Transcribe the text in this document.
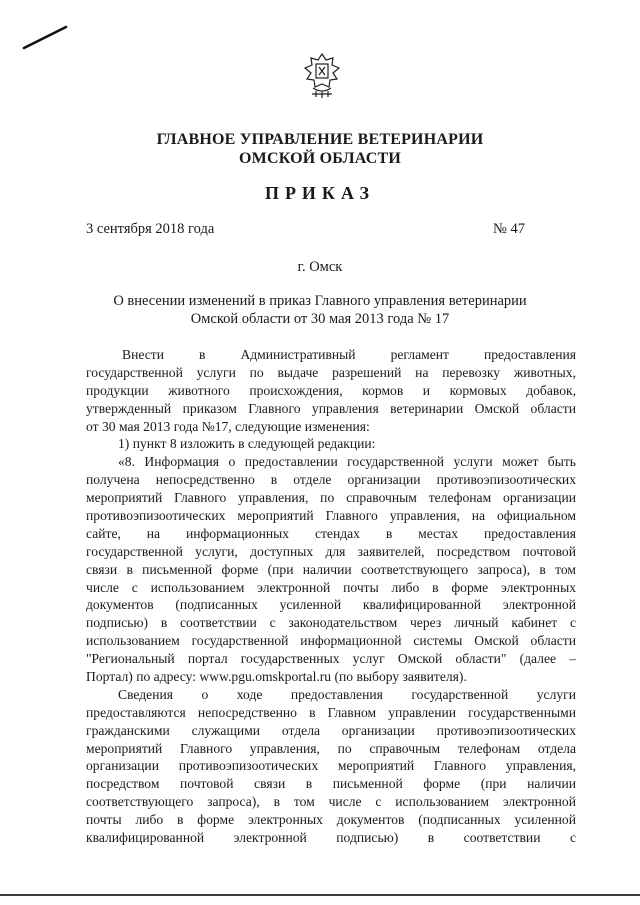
ГЛАВНОЕ УПРАВЛЕНИЕ ВЕТЕРИНАРИИ
ОМСКОЙ ОБЛАСТИ
ПРИКАЗ
3 сентября 2018 года	№ 47
г. Омск
О внесении изменений в приказ Главного управления ветеринарии
Омской области от 30 мая 2013 года № 17
Внести в Административный регламент предоставления
государственной услуги по выдаче разрешений на перевозку животных,
продукции животного происхождения, кормов и кормовых добавок,
утвержденный приказом Главного управления ветеринарии Омской области
от 30 мая 2013 года №17, следующие изменения:
1) пункт 8 изложить в следующей редакции:
«8. Информация о предоставлении государственной услуги может быть
получена непосредственно в отделе организации противоэпизоотических
мероприятий Главного управления, по справочным телефонам организации
противоэпизоотических мероприятий Главного управления, на официальном
сайте, на информационных стендах в местах предоставления
государственной услуги, доступных для заявителей, посредством почтовой
связи в письменной форме (при наличии соответствующего запроса), в том
числе с использованием электронной почты либо в форме электронных
документов (подписанных усиленной квалифицированной электронной
подписью) в соответствии с законодательством через личный кабинет с
использованием государственной информационной системы Омской области
"Региональный портал государственных услуг Омской области" (далее –
Портал) по адресу: www.pgu.omskportal.ru (по выбору заявителя).
Сведения о ходе предоставления государственной услуги
предоставляются непосредственно в Главном управлении государственными
гражданскими служащими отдела организации противоэпизоотических
мероприятий Главного управления, по справочным телефонам отдела
организации противоэпизоотических мероприятий Главного управления,
посредством почтовой связи в письменной форме (при наличии
соответствующего запроса), в том числе с использованием электронной
почты либо в форме электронных документов (подписанных усиленной
квалифицированной электронной подписью) в соответствии с
